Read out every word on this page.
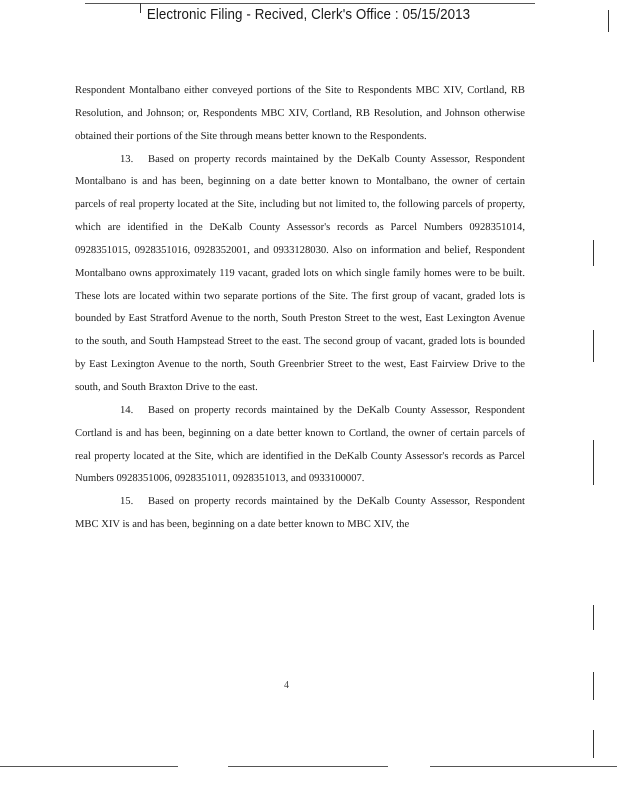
Electronic Filing - Recived, Clerk's Office : 05/15/2013

Respondent Montalbano either conveyed portions of the Site to Respondents MBC XIV, Cortland, RB Resolution, and Johnson; or, Respondents MBC XIV, Cortland, RB Resolution, and Johnson otherwise obtained their portions of the Site through means better known to the Respondents.

13. Based on property records maintained by the DeKalb County Assessor, Respondent Montalbano is and has been, beginning on a date better known to Montalbano, the owner of certain parcels of real property located at the Site, including but not limited to, the following parcels of property, which are identified in the DeKalb County Assessor's records as Parcel Numbers 0928351014, 0928351015, 0928351016, 0928352001, and 0933128030. Also on information and belief, Respondent Montalbano owns approximately 119 vacant, graded lots on which single family homes were to be built. These lots are located within two separate portions of the Site. The first group of vacant, graded lots is bounded by East Stratford Avenue to the north, South Preston Street to the west, East Lexington Avenue to the south, and South Hampstead Street to the east. The second group of vacant, graded lots is bounded by East Lexington Avenue to the north, South Greenbrier Street to the west, East Fairview Drive to the south, and South Braxton Drive to the east.

14. Based on property records maintained by the DeKalb County Assessor, Respondent Cortland is and has been, beginning on a date better known to Cortland, the owner of certain parcels of real property located at the Site, which are identified in the DeKalb County Assessor's records as Parcel Numbers 0928351006, 0928351011, 0928351013, and 0933100007.

15. Based on property records maintained by the DeKalb County Assessor, Respondent MBC XIV is and has been, beginning on a date better known to MBC XIV, the

4
